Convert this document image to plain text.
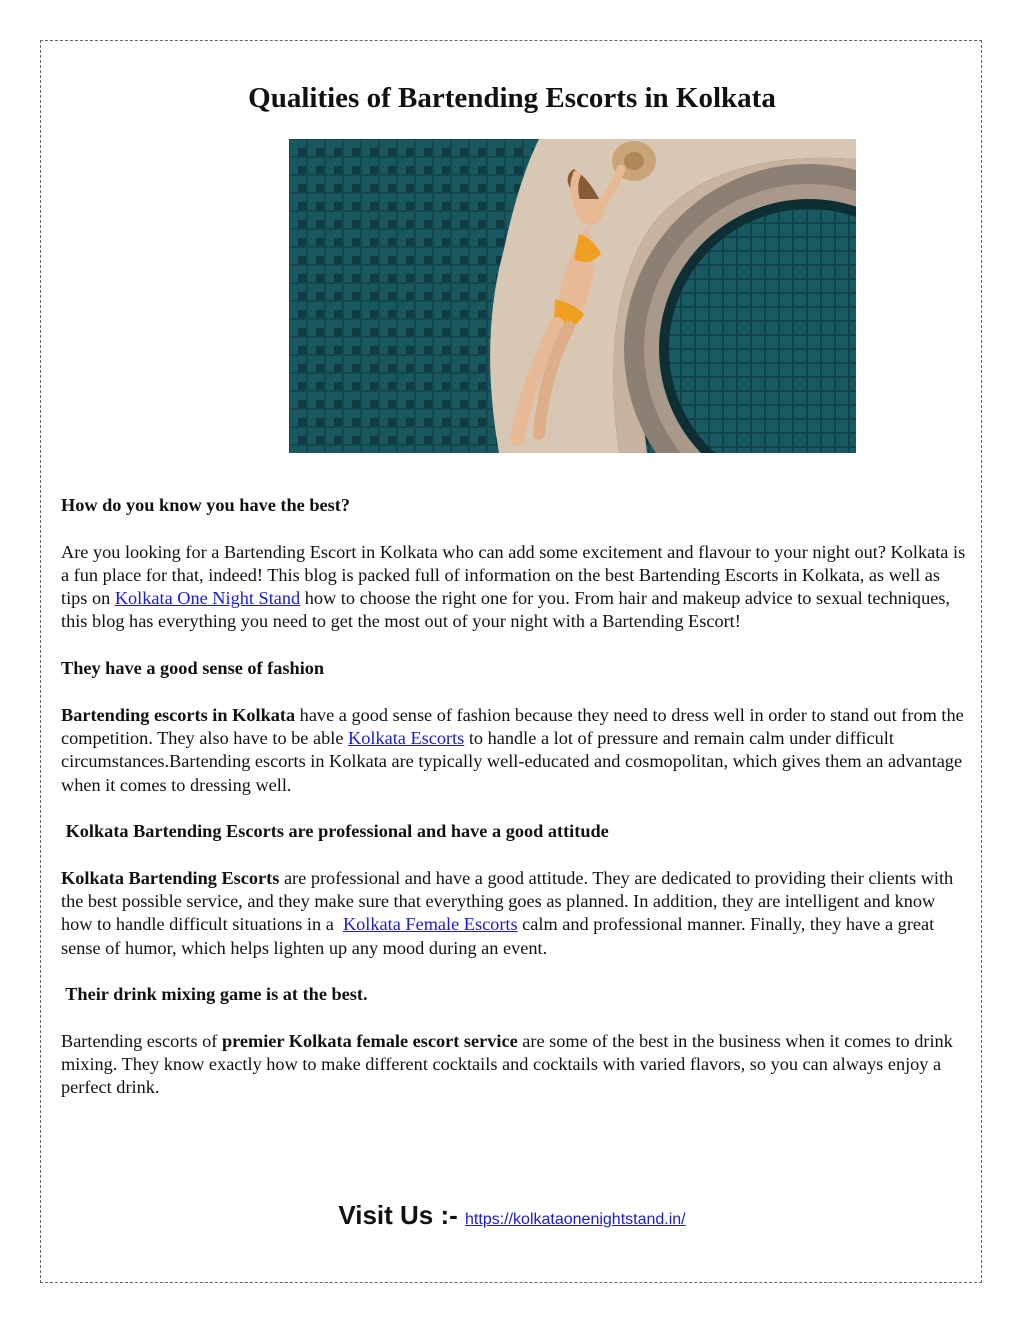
Qualities of Bartending Escorts in Kolkata

How do you know you have the best?

Are you looking for a Bartending Escort in Kolkata who can add some excitement and flavour to your night out? Kolkata is a fun place for that, indeed! This blog is packed full of information on the best Bartending Escorts in Kolkata, as well as tips on Kolkata One Night Stand how to choose the right one for you. From hair and makeup advice to sexual techniques, this blog has everything you need to get the most out of your night with a Bartending Escort!

They have a good sense of fashion

Bartending escorts in Kolkata have a good sense of fashion because they need to dress well in order to stand out from the competition. They also have to be able Kolkata Escorts to handle a lot of pressure and remain calm under difficult circumstances.Bartending escorts in Kolkata are typically well-educated and cosmopolitan, which gives them an advantage when it comes to dressing well.

Kolkata Bartending Escorts are professional and have a good attitude

Kolkata Bartending Escorts are professional and have a good attitude. They are dedicated to providing their clients with the best possible service, and they make sure that everything goes as planned. In addition, they are intelligent and know how to handle difficult situations in a  Kolkata Female Escorts calm and professional manner. Finally, they have a great sense of humor, which helps lighten up any mood during an event.

Their drink mixing game is at the best.

Bartending escorts of premier Kolkata female escort service are some of the best in the business when it comes to drink mixing. They know exactly how to make different cocktails and cocktails with varied flavors, so you can always enjoy a perfect drink.

Visit Us :- https://kolkataonenightstand.in/
